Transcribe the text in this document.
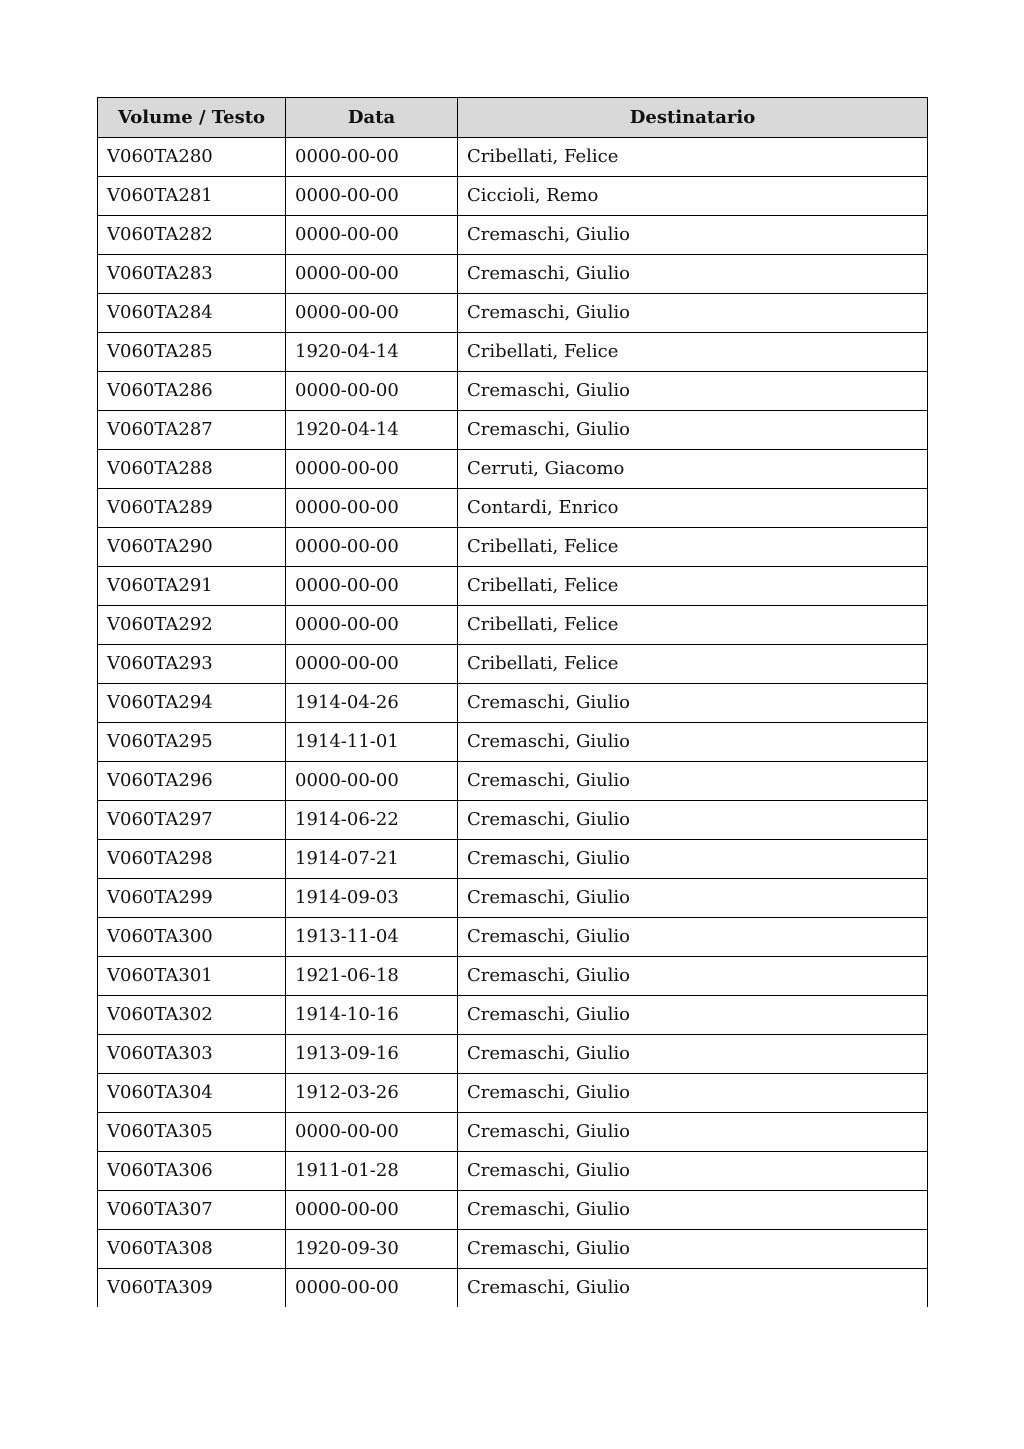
Volume / Testo	Data	Destinatario
V060TA280	0000-00-00	Cribellati, Felice
V060TA281	0000-00-00	Ciccioli, Remo
V060TA282	0000-00-00	Cremaschi, Giulio
V060TA283	0000-00-00	Cremaschi, Giulio
V060TA284	0000-00-00	Cremaschi, Giulio
V060TA285	1920-04-14	Cribellati, Felice
V060TA286	0000-00-00	Cremaschi, Giulio
V060TA287	1920-04-14	Cremaschi, Giulio
V060TA288	0000-00-00	Cerruti, Giacomo
V060TA289	0000-00-00	Contardi, Enrico
V060TA290	0000-00-00	Cribellati, Felice
V060TA291	0000-00-00	Cribellati, Felice
V060TA292	0000-00-00	Cribellati, Felice
V060TA293	0000-00-00	Cribellati, Felice
V060TA294	1914-04-26	Cremaschi, Giulio
V060TA295	1914-11-01	Cremaschi, Giulio
V060TA296	0000-00-00	Cremaschi, Giulio
V060TA297	1914-06-22	Cremaschi, Giulio
V060TA298	1914-07-21	Cremaschi, Giulio
V060TA299	1914-09-03	Cremaschi, Giulio
V060TA300	1913-11-04	Cremaschi, Giulio
V060TA301	1921-06-18	Cremaschi, Giulio
V060TA302	1914-10-16	Cremaschi, Giulio
V060TA303	1913-09-16	Cremaschi, Giulio
V060TA304	1912-03-26	Cremaschi, Giulio
V060TA305	0000-00-00	Cremaschi, Giulio
V060TA306	1911-01-28	Cremaschi, Giulio
V060TA307	0000-00-00	Cremaschi, Giulio
V060TA308	1920-09-30	Cremaschi, Giulio
V060TA309	0000-00-00	Cremaschi, Giulio
